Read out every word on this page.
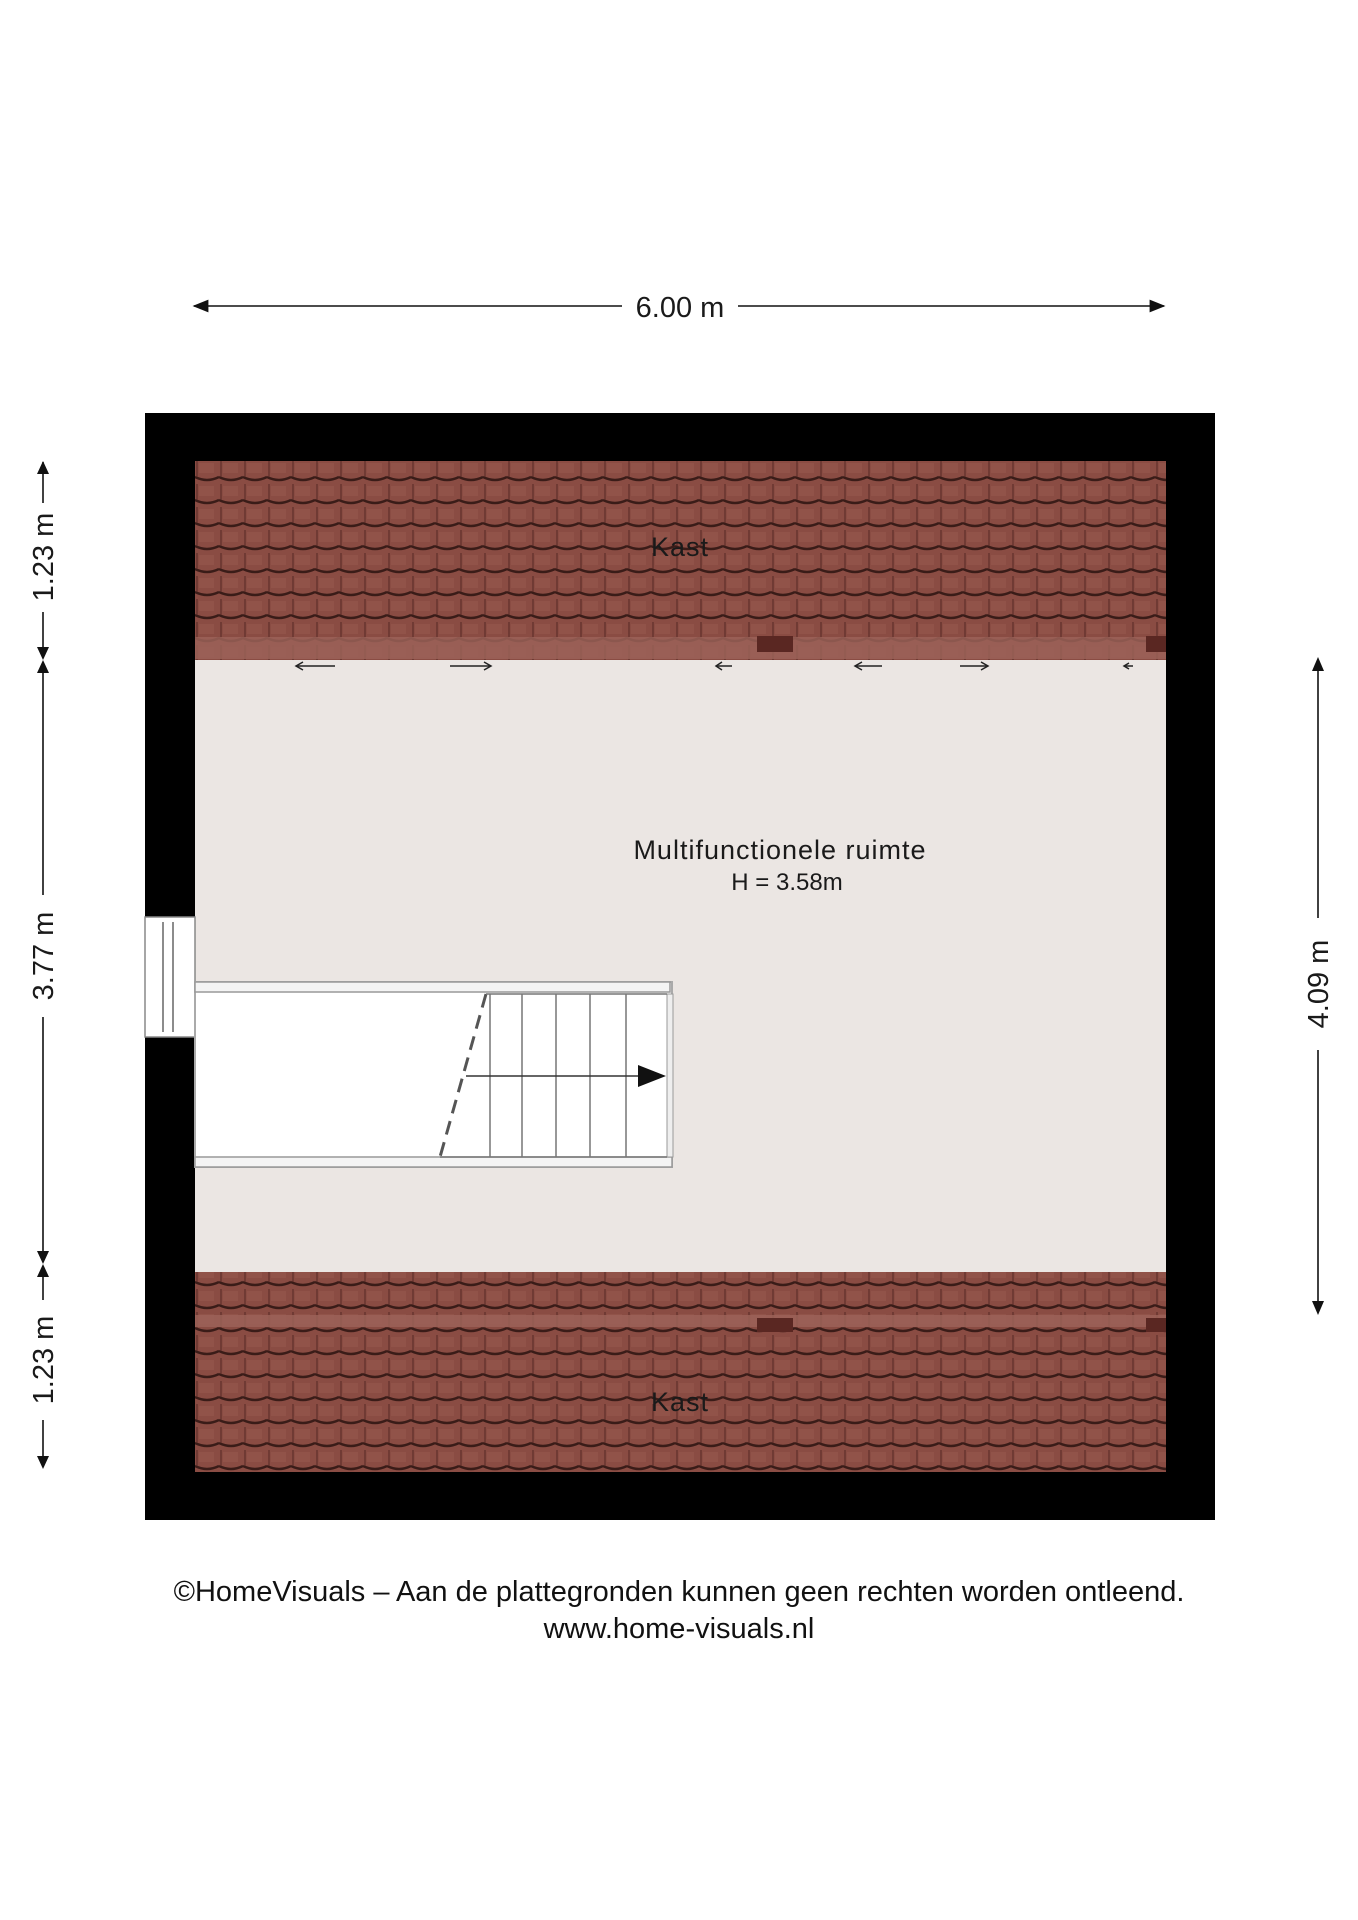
6.00 m
1.23 m
3.77 m
1.23 m
4.09 m
Kast
Multifunctionele ruimte
H = 3.58m
Kast
©HomeVisuals – Aan de plattegronden kunnen geen rechten worden ontleend.
www.home-visuals.nl
